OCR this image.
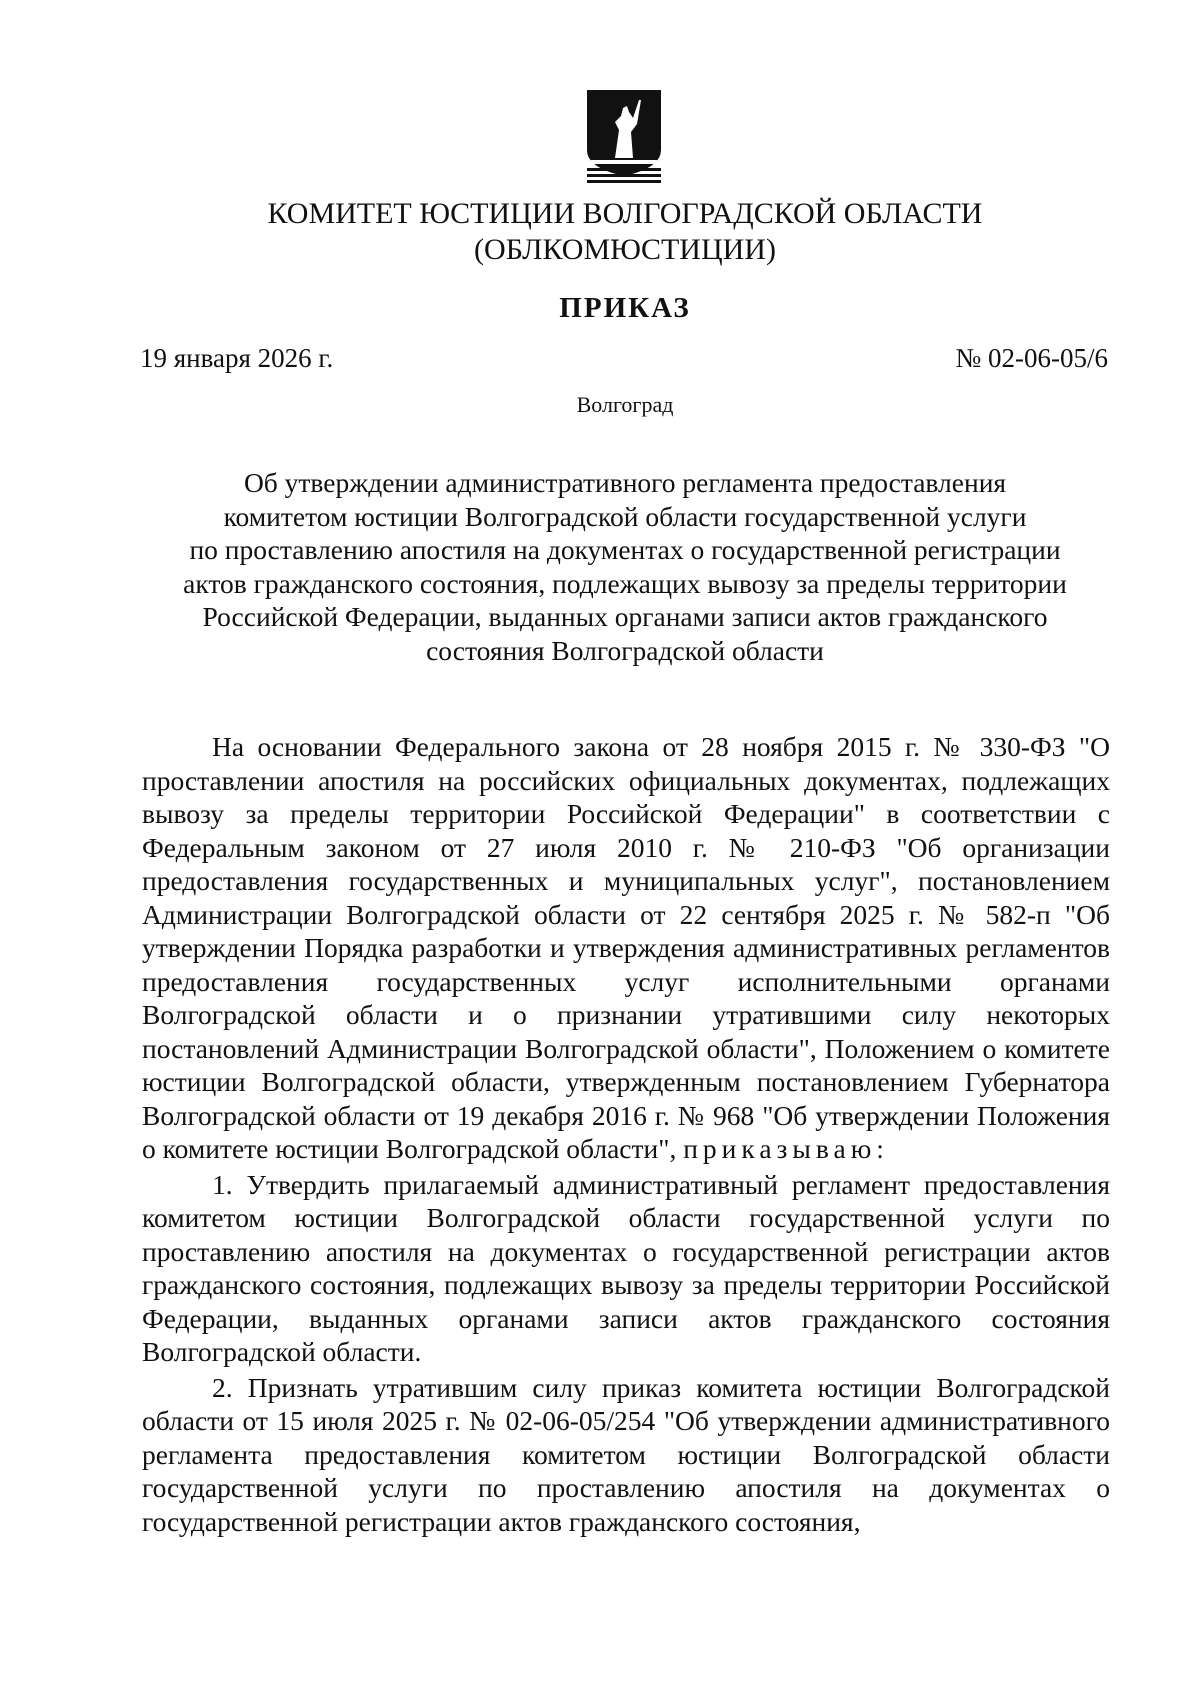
КОМИТЕТ ЮСТИЦИИ ВОЛГОГРАДСКОЙ ОБЛАСТИ
(ОБЛКОМЮСТИЦИИ)
ПРИКАЗ
19 января 2026 г.	№ 02-06-05/6
Волгоград
Об утверждении административного регламента предоставления
комитетом юстиции Волгоградской области государственной услуги
по проставлению апостиля на документах о государственной регистрации
актов гражданского состояния, подлежащих вывозу за пределы территории
Российской Федерации, выданных органами записи актов гражданского
состояния Волгоградской области

На основании Федерального закона от 28 ноября 2015 г. № 330-ФЗ "О проставлении апостиля на российских официальных документах, подлежащих вывозу за пределы территории Российской Федерации" в соответствии с Федеральным законом от 27 июля 2010 г. № 210-ФЗ "Об организации предоставления государственных и муниципальных услуг", постановлением Администрации Волгоградской области от 22 сентября 2025 г. № 582-п "Об утверждении Порядка разработки и утверждения административных регламентов предоставления государственных услуг исполнительными органами Волгоградской области и о признании утратившими силу некоторых постановлений Администрации Волгоградской области", Положением о комитете юстиции Волгоградской области, утвержденным постановлением Губернатора Волгоградской области от 19 декабря 2016 г. № 968 "Об утверждении Положения о комитете юстиции Волгоградской области", приказываю:

1. Утвердить прилагаемый административный регламент предоставления комитетом юстиции Волгоградской области государственной услуги по проставлению апостиля на документах о государственной регистрации актов гражданского состояния, подлежащих вывозу за пределы территории Российской Федерации, выданных органами записи актов гражданского состояния Волгоградской области.

2. Признать утратившим силу приказ комитета юстиции Волгоградской области от 15 июля 2025 г. № 02-06-05/254 "Об утверждении административного регламента предоставления комитетом юстиции Волгоградской области государственной услуги по проставлению апостиля на документах о государственной регистрации актов гражданского состояния,
